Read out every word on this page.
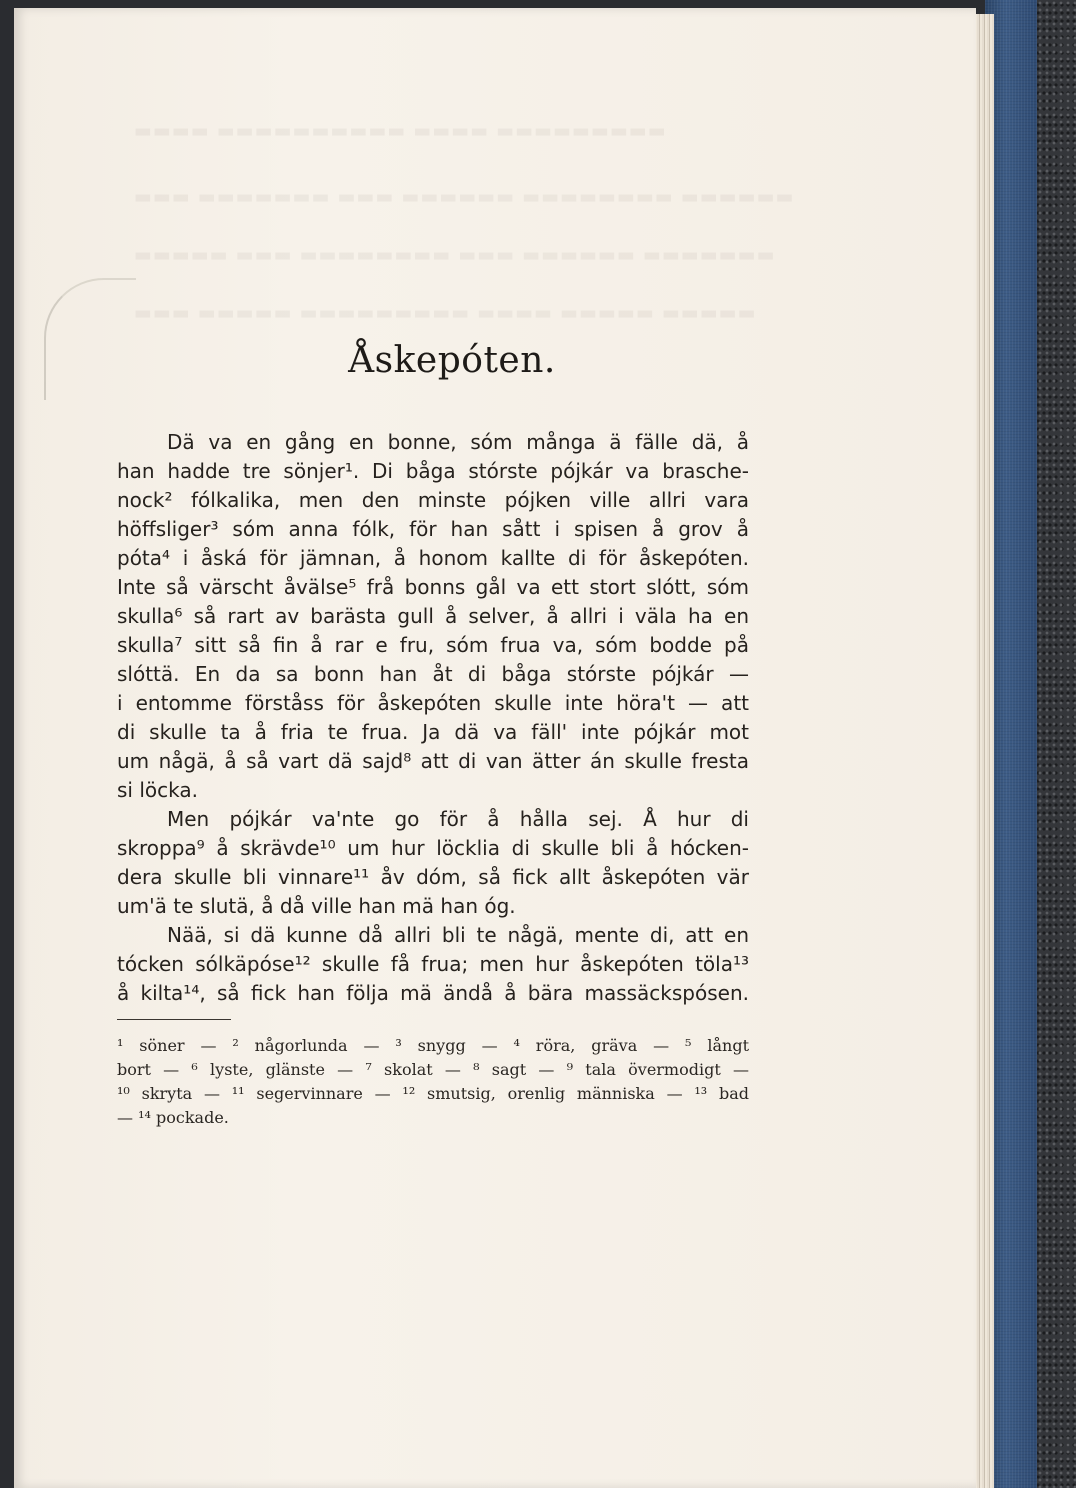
▬▬▬▬ ▬▬▬▬▬▬▬▬▬▬ ▬▬▬▬ ▬▬▬▬▬▬▬▬▬
▬▬▬ ▬▬▬▬▬▬▬ ▬▬▬ ▬▬▬▬▬▬ ▬▬▬▬▬▬▬▬ ▬▬▬▬▬▬
▬▬▬▬▬ ▬▬▬ ▬▬▬▬▬▬▬▬ ▬▬▬ ▬▬▬▬▬▬ ▬▬▬▬▬▬▬
▬▬▬ ▬▬▬▬▬ ▬▬▬▬▬▬▬▬▬ ▬▬▬▬ ▬▬▬▬▬ ▬▬▬▬▬
Åskepóten.
Dä va en gång en bonne, sóm många ä fälle dä, å
han hadde tre sönjer¹. Di båga stórste pójkár va brasche-
nock² fólkalika, men den minste pójken ville allri vara
höffsliger³ sóm anna fólk, för han sått i spisen å grov å
póta⁴ i åská för jämnan, å honom kallte di för åskepóten.
Inte så värscht åvälse⁵ frå bonns gål va ett stort slótt, sóm
skulla⁶ så rart av barästa gull å selver, å allri i väla ha en
skulla⁷ sitt så fin å rar e fru, sóm frua va, sóm bodde på
slóttä. En da sa bonn han åt di båga stórste pójkár —
i entomme förståss för åskepóten skulle inte höra't — att
di skulle ta å fria te frua. Ja dä va fäll' inte pójkár mot
um någä, å så vart dä sajd⁸ att di van ätter án skulle fresta
si löcka.
Men pójkár va'nte go för å hålla sej. Å hur di
skroppa⁹ å skrävde¹⁰ um hur löcklia di skulle bli å hócken-
dera skulle bli vinnare¹¹ åv dóm, så fick allt åskepóten vär
um'ä te slutä, å då ville han mä han óg.
Nää, si dä kunne då allri bli te någä, mente di, att en
tócken sólkäpóse¹² skulle få frua; men hur åskepóten töla¹³
å kilta¹⁴, så fick han följa mä ändå å bära massäckspósen.
¹ söner — ² någorlunda — ³ snygg — ⁴ röra, gräva — ⁵ långt
bort — ⁶ lyste, glänste — ⁷ skolat — ⁸ sagt — ⁹ tala övermodigt —
¹⁰ skryta — ¹¹ segervinnare — ¹² smutsig, orenlig människa — ¹³ bad
— ¹⁴ pockade.
